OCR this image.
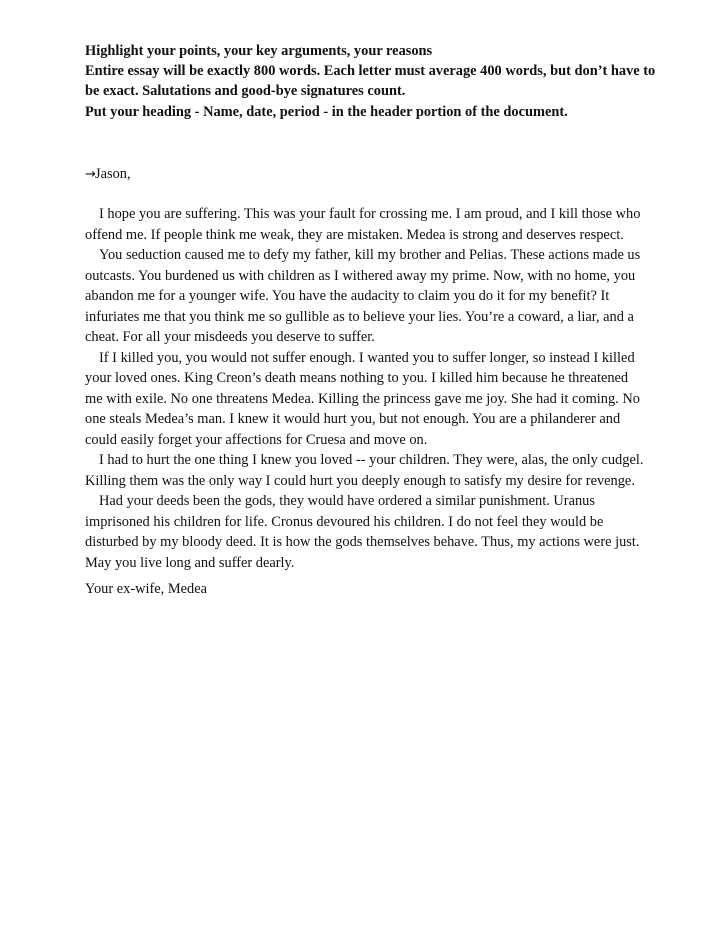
Highlight your points, your key arguments, your reasons

Entire essay will be exactly 800 words. Each letter must average 400 words, but don’t have to be exact. Salutations and good-bye signatures count.

Put your heading - Name, date, period - in the header portion of the document.

→Jason,

I hope you are suffering. This was your fault for crossing me. I am proud, and I kill those who offend me. If people think me weak, they are mistaken. Medea is strong and deserves respect.

You seduction caused me to defy my father, kill my brother and Pelias. These actions made us outcasts. You burdened us with children as I withered away my prime. Now, with no home, you abandon me for a younger wife. You have the audacity to claim you do it for my benefit? It infuriates me that you think me so gullible as to believe your lies. You’re a coward, a liar, and a cheat. For all your misdeeds you deserve to suffer.

If I killed you, you would not suffer enough. I wanted you to suffer longer, so instead I killed your loved ones. King Creon’s death means nothing to you. I killed him because he threatened me with exile. No one threatens Medea. Killing the princess gave me joy. She had it coming. No one steals Medea’s man. I knew it would hurt you, but not enough. You are a philanderer and could easily forget your affections for Cruesa and move on.

I had to hurt the one thing I knew you loved -- your children. They were, alas, the only cudgel. Killing them was the only way I could hurt you deeply enough to satisfy my desire for revenge.

Had your deeds been the gods, they would have ordered a similar punishment. Uranus imprisoned his children for life. Cronus devoured his children. I do not feel they would be disturbed by my bloody deed. It is how the gods themselves behave. Thus, my actions were just. May you live long and suffer dearly.

Your ex-wife, Medea
